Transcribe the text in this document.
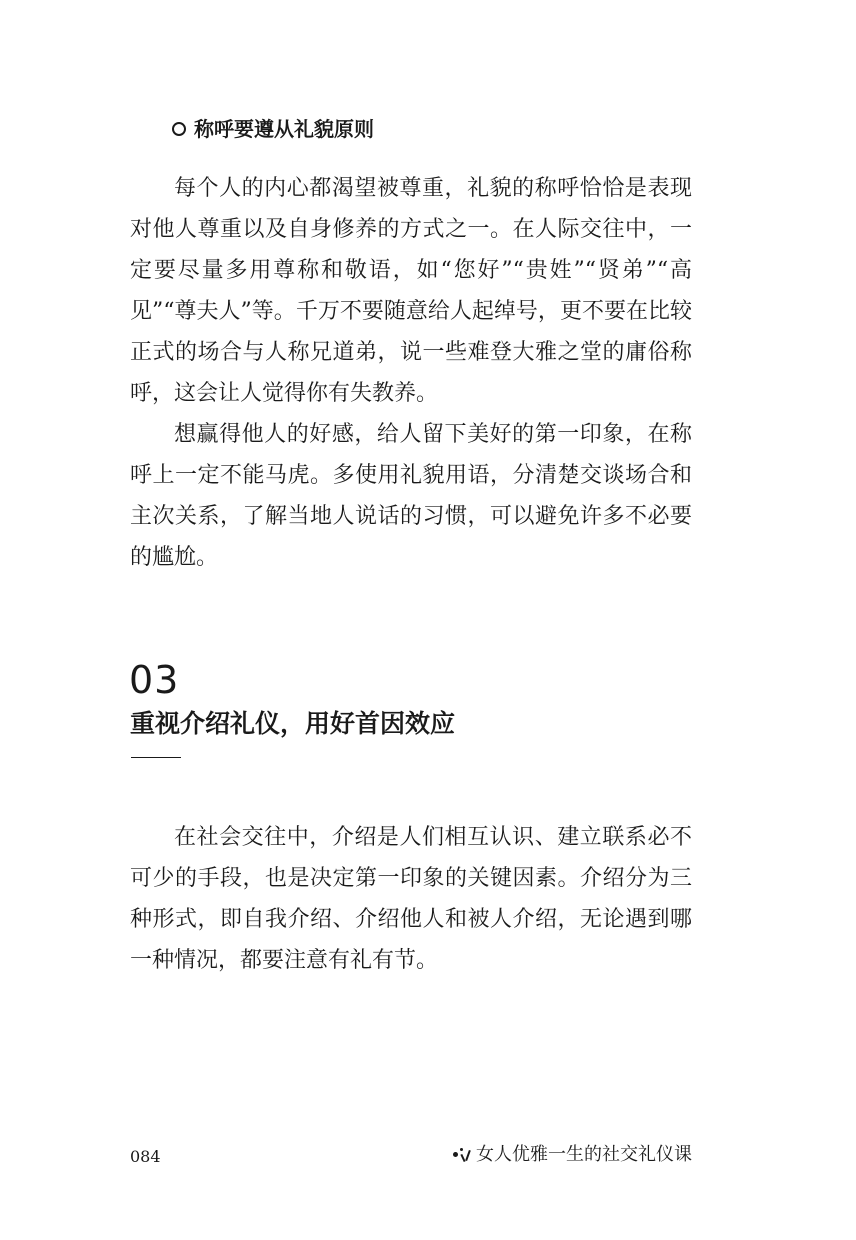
称呼要遵从礼貌原则

每个人的内心都渴望被尊重，礼貌的称呼恰恰是表现对他人尊重以及自身修养的方式之一。在人际交往中，一定要尽量多用尊称和敬语，如“您好”“贵姓”“贤弟”“高见”“尊夫人”等。千万不要随意给人起绰号，更不要在比较正式的场合与人称兄道弟，说一些难登大雅之堂的庸俗称呼，这会让人觉得你有失教养。

想赢得他人的好感，给人留下美好的第一印象，在称呼上一定不能马虎。多使用礼貌用语，分清楚交谈场合和主次关系，了解当地人说话的习惯，可以避免许多不必要的尴尬。

03
重视介绍礼仪，用好首因效应

在社会交往中，介绍是人们相互认识、建立联系必不可少的手段，也是决定第一印象的关键因素。介绍分为三种形式，即自我介绍、介绍他人和被人介绍，无论遇到哪一种情况，都要注意有礼有节。

084	女人优雅一生的社交礼仪课
